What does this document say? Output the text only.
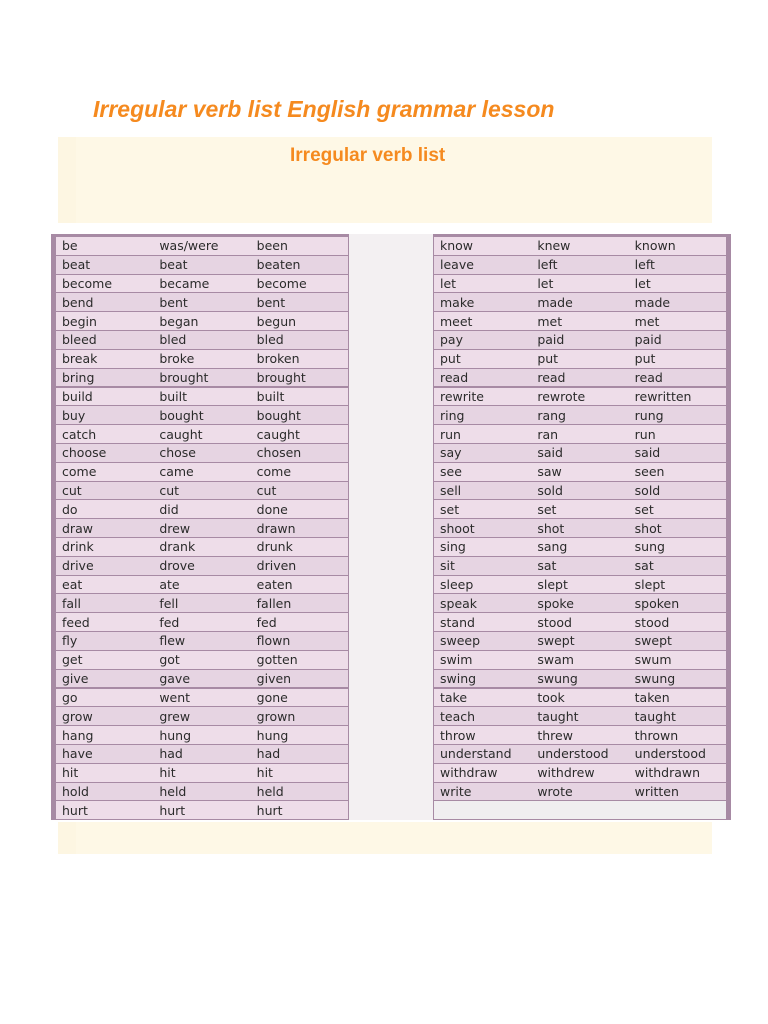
Irregular verb list English grammar lesson
Irregular verb list
be	was/were	been
beat	beat	beaten
become	became	become
bend	bent	bent
begin	began	begun
bleed	bled	bled
break	broke	broken
bring	brought	brought
build	built	built
buy	bought	bought
catch	caught	caught
choose	chose	chosen
come	came	come
cut	cut	cut
do	did	done
draw	drew	drawn
drink	drank	drunk
drive	drove	driven
eat	ate	eaten
fall	fell	fallen
feed	fed	fed
fly	flew	flown
get	got	gotten
give	gave	given
go	went	gone
grow	grew	grown
hang	hung	hung
have	had	had
hit	hit	hit
hold	held	held
hurt	hurt	hurt
know	knew	known
leave	left	left
let	let	let
make	made	made
meet	met	met
pay	paid	paid
put	put	put
read	read	read
rewrite	rewrote	rewritten
ring	rang	rung
run	ran	run
say	said	said
see	saw	seen
sell	sold	sold
set	set	set
shoot	shot	shot
sing	sang	sung
sit	sat	sat
sleep	slept	slept
speak	spoke	spoken
stand	stood	stood
sweep	swept	swept
swim	swam	swum
swing	swung	swung
take	took	taken
teach	taught	taught
throw	threw	thrown
understand	understood	understood
withdraw	withdrew	withdrawn
write	wrote	written
